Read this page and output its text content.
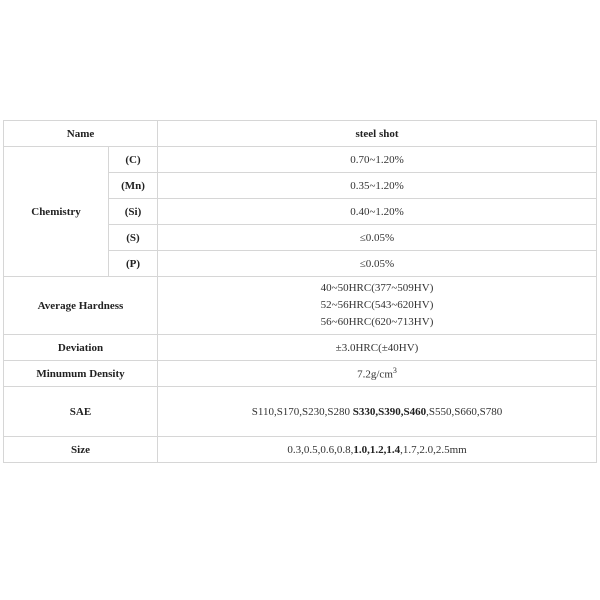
Name		steel shot
Chemistry	(C)	0.70~1.20%
	(Mn)	0.35~1.20%
	(Si)	0.40~1.20%
	(S)	≤0.05%
	(P)	≤0.05%
Average Hardness		40~50HRC(377~509HV)
52~56HRC(543~620HV)
56~60HRC(620~713HV)

Deviation		±3.0HRC(±40HV)
Minumum Density		$7.2g/cm^3$
SAE		S110,S170,S230,S280 S330,S390,S460,S550,S660,S780
Size		0.3,0.5,0.6,0.8,1.0,1.2,1.4,1.7,2.0,2.5mm
